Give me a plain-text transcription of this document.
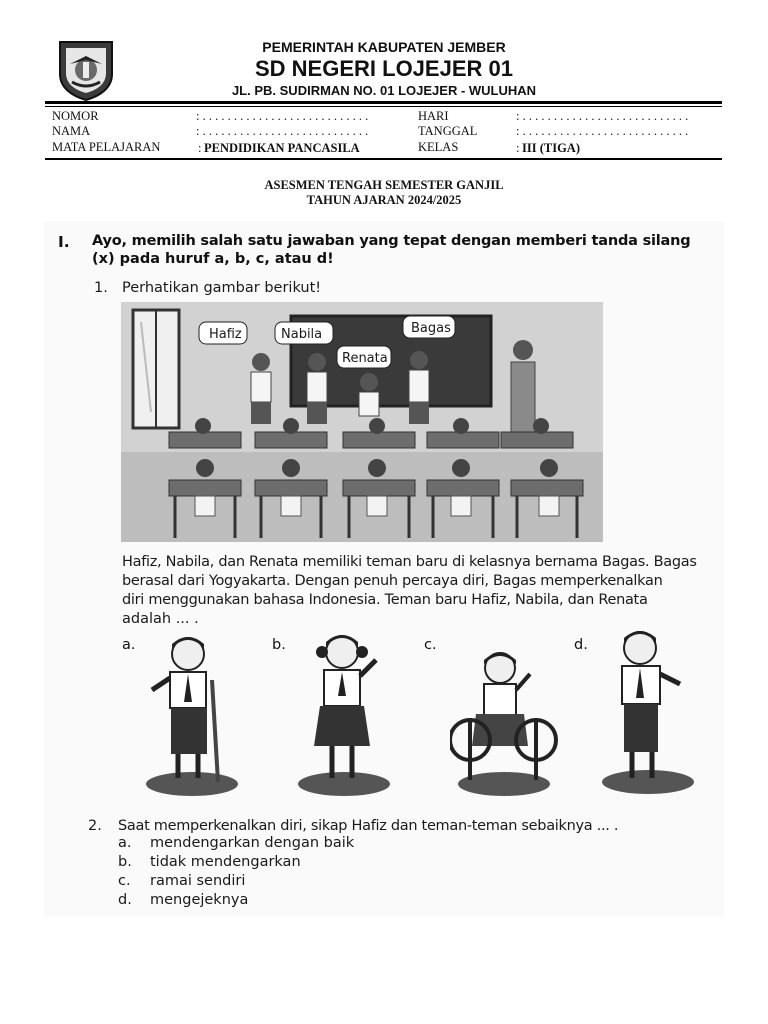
PEMERINTAH KABUPATEN JEMBER
SD NEGERI LOJEJER 01
JL. PB. SUDIRMAN NO. 01 LOJEJER - WULUHAN
NOMOR	: . . . . . . . . . . . . . . . . . . . . . . . . . . .
NAMA	: . . . . . . . . . . . . . . . . . . . . . . . . . . .
MATA PELAJARAN	: PENDIDIKAN PANCASILA
HARI	: . . . . . . . . . . . . . . . . . . . . . . . . . . .
TANGGAL	: . . . . . . . . . . . . . . . . . . . . . . . . . . .
KELAS	: III (TIGA)
ASESMEN TENGAH SEMESTER GANJIL
TAHUN AJARAN 2024/2025
I. Ayo, memilih salah satu jawaban yang tepat dengan memberi tanda silang
(x) pada huruf a, b, c, atau d!
1. Perhatikan gambar berikut!
Hafiz	Nabila
Renata
Bagas
Hafiz, Nabila, dan Renata memiliki teman baru di kelasnya bernama Bagas. Bagas
berasal dari Yogyakarta. Dengan penuh percaya diri, Bagas memperkenalkan
diri menggunakan bahasa Indonesia. Teman baru Hafiz, Nabila, dan Renata
adalah ... .
a.	b.	c.	d.
2. Saat memperkenalkan diri, sikap Hafiz dan teman-teman sebaiknya ... .
a. mendengarkan dengan baik
b. tidak mendengarkan
c. ramai sendiri
d. mengejeknya
